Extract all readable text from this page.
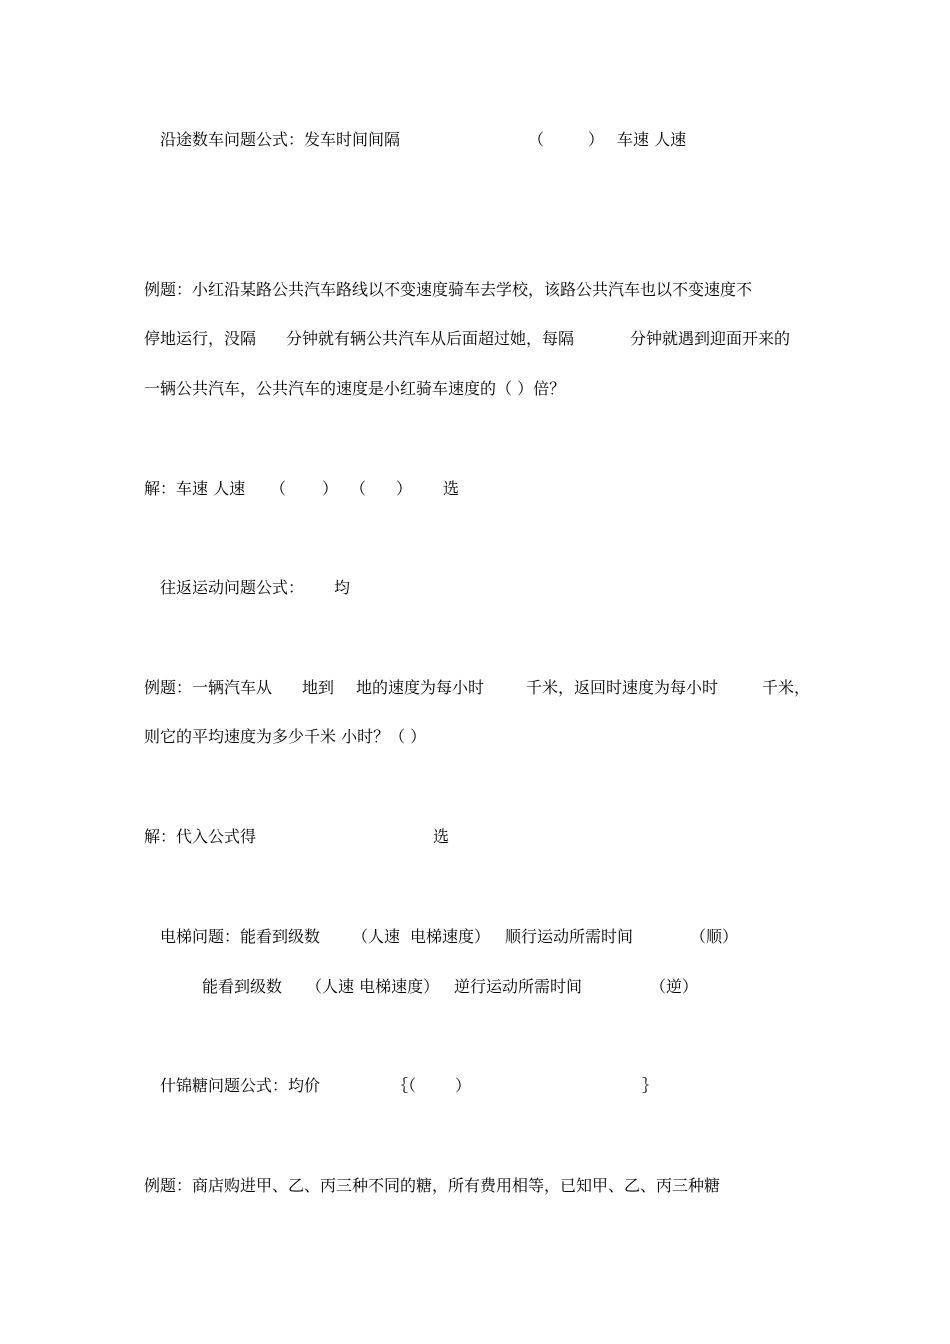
沿途数车问题公式：发车时间间隔	（	） 车速 人速
例题：小红沿某路公共汽车路线以不变速度骑车去学校，该路公共汽车也以不变速度不
停地运行，没隔 分钟就有辆公共汽车从后面超过她，每隔	分钟就遇到迎面开来的
一辆公共汽车，公共汽车的速度是小红骑车速度的（ ）倍？
解：车速 人速 （ ） （ ） 选
往返运动问题公式： 均
例题：一辆汽车从 地到 地的速度为每小时	千米，返回时速度为每小时	千米，
则它的平均速度为多少千米 小时？（ ）
解：代入公式得	选
电梯问题：能看到级数 （人速 电梯速度） 顺行运动所需时间	（顺）
能看到级数 （人速 电梯速度） 逆行运动所需时间	（逆）
什锦糖问题公式：均价	｛（ ）	｝
例题：商店购进甲、乙、丙三种不同的糖，所有费用相等，已知甲、乙、丙三种糖
